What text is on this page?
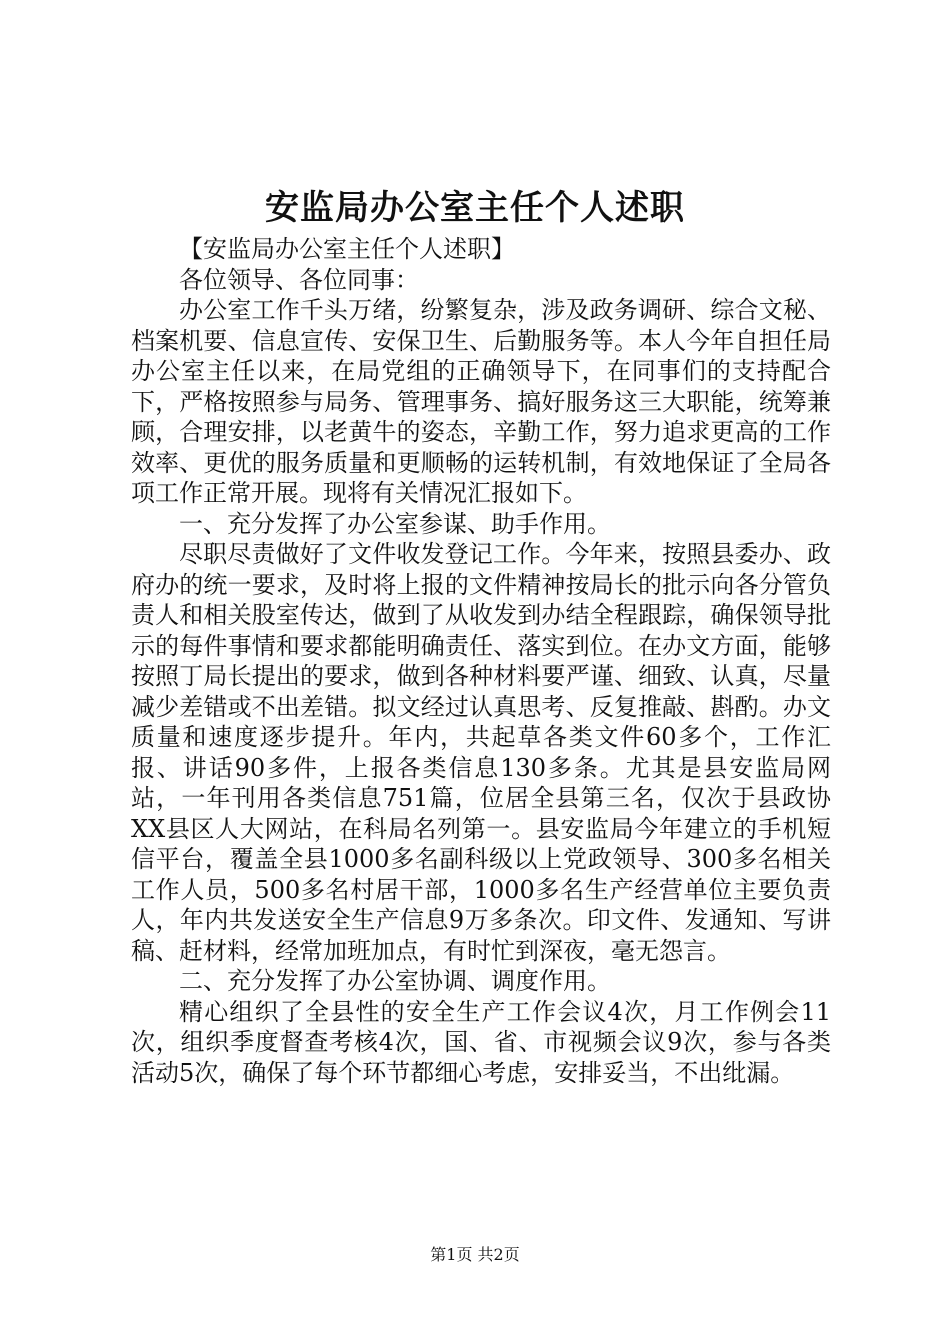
安监局办公室主任个人述职

【安监局办公室主任个人述职】

各位领导、各位同事：

办公室工作千头万绪，纷繁复杂，涉及政务调研、综合文秘、档案机要、信息宣传、安保卫生、后勤服务等。本人今年自担任局办公室主任以来，在局党组的正确领导下，在同事们的支持配合下，严格按照参与局务、管理事务、搞好服务这三大职能，统筹兼顾，合理安排，以老黄牛的姿态，辛勤工作，努力追求更高的工作效率、更优的服务质量和更顺畅的运转机制，有效地保证了全局各项工作正常开展。现将有关情况汇报如下。

一、充分发挥了办公室参谋、助手作用。

尽职尽责做好了文件收发登记工作。今年来，按照县委办、政府办的统一要求，及时将上报的文件精神按局长的批示向各分管负责人和相关股室传达，做到了从收发到办结全程跟踪，确保领导批示的每件事情和要求都能明确责任、落实到位。在办文方面，能够按照丁局长提出的要求，做到各种材料要严谨、细致、认真，尽量减少差错或不出差错。拟文经过认真思考、反复推敲、斟酌。办文质量和速度逐步提升。年内，共起草各类文件60多个，工作汇报、讲话90多件，上报各类信息130多条。尤其是县安监局网站，一年刊用各类信息751篇，位居全县第三名，仅次于县政协XX县区人大网站，在科局名列第一。县安监局今年建立的手机短信平台，覆盖全县1000多名副科级以上党政领导、300多名相关工作人员，500多名村居干部，1000多名生产经营单位主要负责人，年内共发送安全生产信息9万多条次。印文件、发通知、写讲稿、赶材料，经常加班加点，有时忙到深夜，毫无怨言。

二、充分发挥了办公室协调、调度作用。

精心组织了全县性的安全生产工作会议4次，月工作例会11次，组织季度督查考核4次，国、省、市视频会议9次，参与各类活动5次，确保了每个环节都细心考虑，安排妥当，不出纰漏。

第1页 共2页
